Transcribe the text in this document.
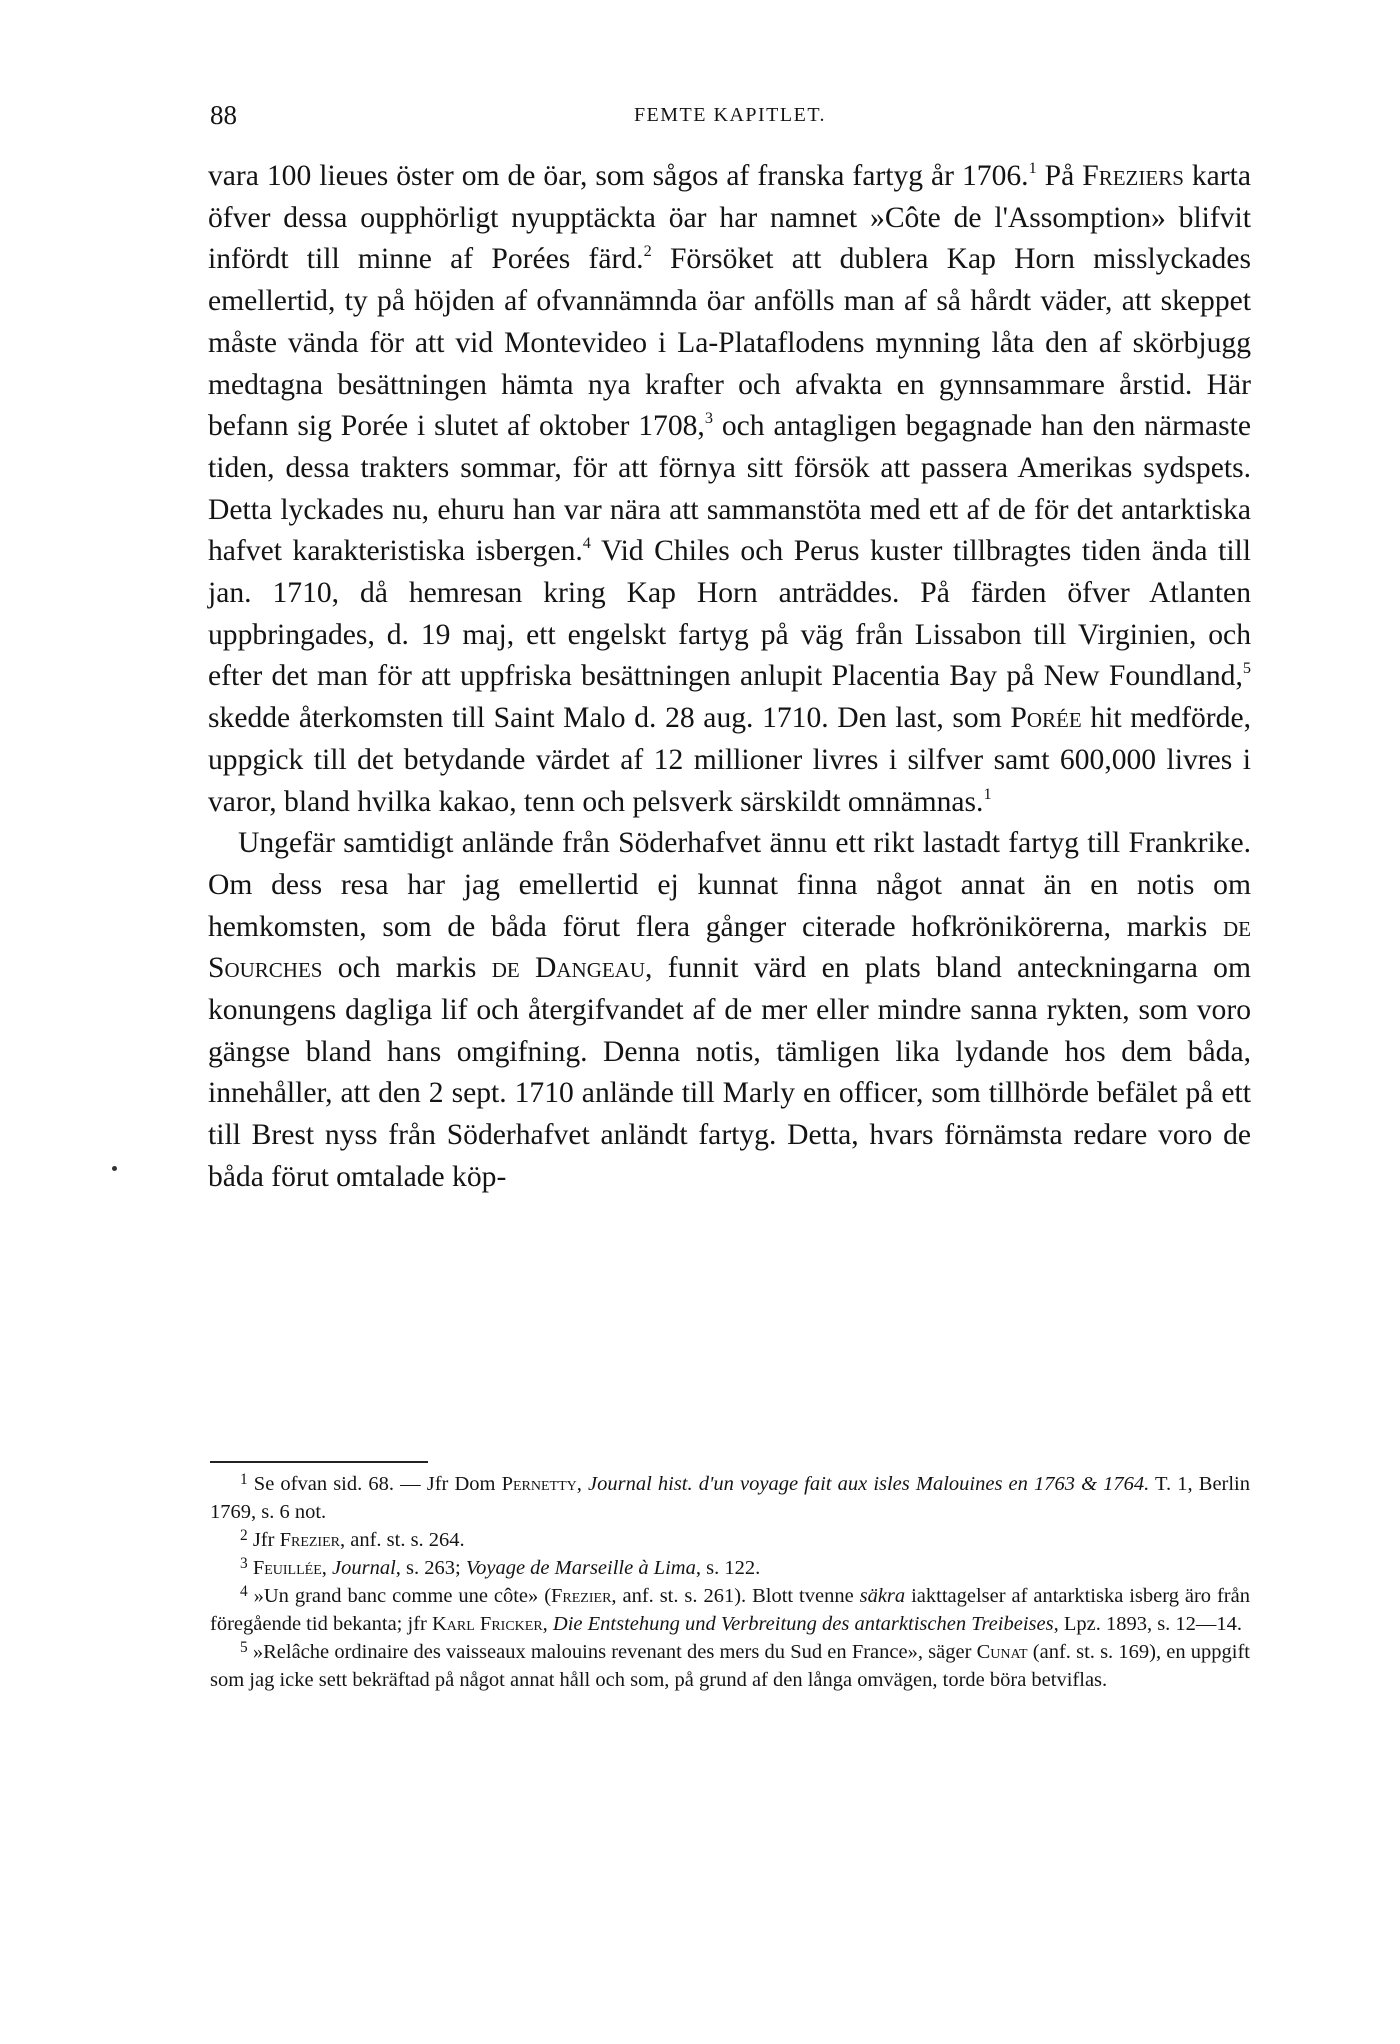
88	FEMTE KAPITLET.

vara 100 lieues öster om de öar, som sågos af franska fartyg år 1706.$^1$ På Freziers karta öfver dessa oupphörligt nyupptäckta öar har namnet »Côte de l'Assomption» blifvit infördt till minne af Porées färd.$^2$ Försöket att dublera Kap Horn misslyckades emellertid, ty på höjden af ofvannämnda öar anfölls man af så hårdt väder, att skeppet måste vända för att vid Montevideo i La-Plataflodens mynning låta den af skörbjugg medtagna besättningen hämta nya krafter och afvakta en gynnsammare årstid. Här befann sig Porée i slutet af oktober 1708,$^3$ och antagligen begagnade han den närmaste tiden, dessa trakters sommar, för att förnya sitt försök att passera Amerikas sydspets. Detta lyckades nu, ehuru han var nära att sammanstöta med ett af de för det antarktiska hafvet karakteristiska isbergen.$^4$ Vid Chiles och Perus kuster tillbragtes tiden ända till jan. 1710, då hemresan kring Kap Horn anträddes. På färden öfver Atlanten uppbringades, d. 19 maj, ett engelskt fartyg på väg från Lissabon till Virginien, och efter det man för att uppfriska besättningen anlupit Placentia Bay på New Foundland,$^5$ skedde återkomsten till Saint Malo d. 28 aug. 1710. Den last, som Porée hit medförde, uppgick till det betydande värdet af 12 millioner livres i silfver samt 600,000 livres i varor, bland hvilka kakao, tenn och pelsverk särskildt omnämnas.$^1$

Ungefär samtidigt anlände från Söderhafvet ännu ett rikt lastadt fartyg till Frankrike. Om dess resa har jag emellertid ej kunnat finna något annat än en notis om hemkomsten, som de båda förut flera gånger citerade hofkrönikörerna, markis de Sourches och markis de Dangeau, funnit värd en plats bland anteckningarna om konungens dagliga lif och återgifvandet af de mer eller mindre sanna rykten, som voro gängse bland hans omgifning. Denna notis, tämligen lika lydande hos dem båda, innehåller, att den 2 sept. 1710 anlände till Marly en officer, som tillhörde befälet på ett till Brest nyss från Söderhafvet anländt fartyg. Detta, hvars förnämsta redare voro de båda förut omtalade köp-

$^1$ Se ofvan sid. 68. — Jfr Dom Pernetty, Journal hist. d'un voyage fait aux isles Malouines en 1763 & 1764. T. 1, Berlin 1769, s. 6 not.

$^2$ Jfr Frezier, anf. st. s. 264.

$^3$ Feuillée, Journal, s. 263; Voyage de Marseille à Lima, s. 122.

$^4$ »Un grand banc comme une côte» (Frezier, anf. st. s. 261). Blott tvenne säkra iakttagelser af antarktiska isberg äro från föregående tid bekanta; jfr Karl Fricker, Die Entstehung und Verbreitung des antarktischen Treibeises, Lpz. 1893, s. 12—14.

$^5$ »Relâche ordinaire des vaisseaux malouins revenant des mers du Sud en France», säger Cunat (anf. st. s. 169), en uppgift som jag icke sett bekräftad på något annat håll och som, på grund af den långa omvägen, torde böra betviflas.
